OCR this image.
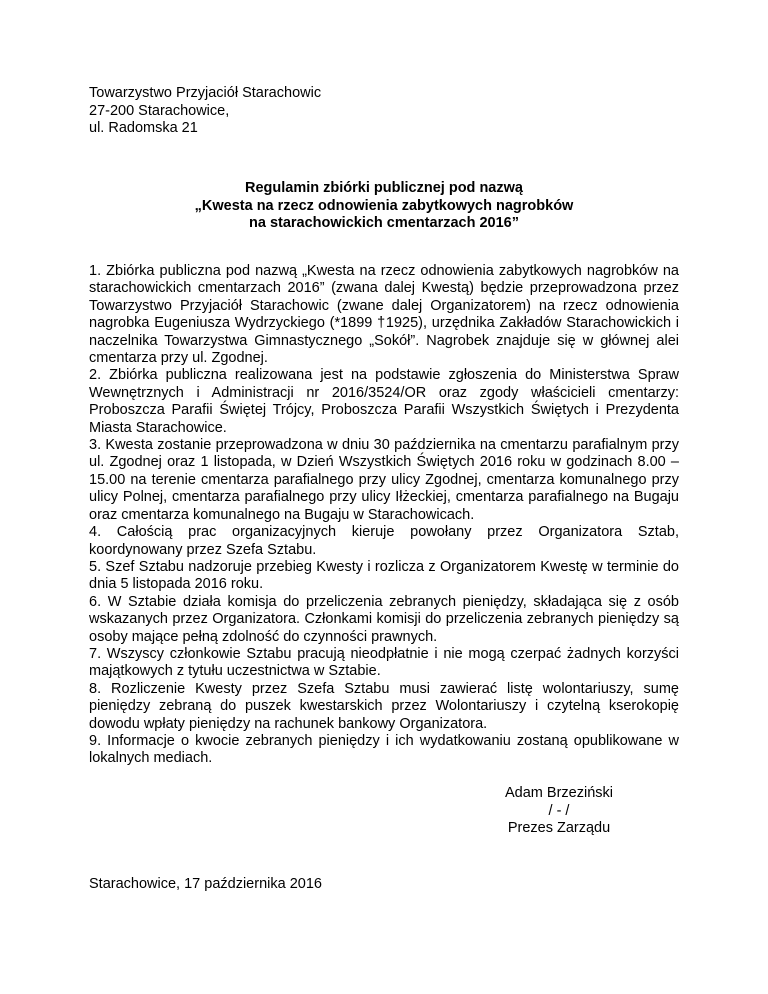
Towarzystwo Przyjaciół Starachowic
27-200 Starachowice,
ul. Radomska 21
Regulamin zbiórki publicznej pod nazwą
„Kwesta na rzecz odnowienia zabytkowych nagrobków
na starachowickich cmentarzach 2016”

1. Zbiórka publiczna pod nazwą „Kwesta na rzecz odnowienia zabytkowych nagrobków na starachowickich cmentarzach 2016” (zwana dalej Kwestą) będzie przeprowadzona przez Towarzystwo Przyjaciół Starachowic (zwane dalej Organizatorem) na rzecz odnowienia nagrobka Eugeniusza Wydrzyckiego (*1899 †1925), urzędnika Zakładów Starachowickich i naczelnika Towarzystwa Gimnastycznego „Sokół”. Nagrobek znajduje się w głównej alei cmentarza przy ul. Zgodnej.

2. Zbiórka publiczna realizowana jest na podstawie zgłoszenia do Ministerstwa Spraw Wewnętrznych i Administracji nr 2016/3524/OR oraz zgody właścicieli cmentarzy: Proboszcza Parafii Świętej Trójcy, Proboszcza Parafii Wszystkich Świętych i Prezydenta Miasta Starachowice.

3. Kwesta zostanie przeprowadzona w dniu 30 października na cmentarzu parafialnym przy ul. Zgodnej oraz 1 listopada, w Dzień Wszystkich Świętych 2016 roku w godzinach 8.00 – 15.00 na terenie cmentarza parafialnego przy ulicy Zgodnej, cmentarza komunalnego przy ulicy Polnej, cmentarza parafialnego przy ulicy Iłżeckiej, cmentarza parafialnego na Bugaju oraz cmentarza komunalnego na Bugaju w Starachowicach.

4. Całością prac organizacyjnych kieruje powołany przez Organizatora Sztab, koordynowany przez Szefa Sztabu.

5. Szef Sztabu nadzoruje przebieg Kwesty i rozlicza z Organizatorem Kwestę w terminie do dnia 5 listopada 2016 roku.

6. W Sztabie działa komisja do przeliczenia zebranych pieniędzy, składająca się z osób wskazanych przez Organizatora. Członkami komisji do przeliczenia zebranych pieniędzy są osoby mające pełną zdolność do czynności prawnych.

7. Wszyscy członkowie Sztabu pracują nieodpłatnie i nie mogą czerpać żadnych korzyści majątkowych z tytułu uczestnictwa w Sztabie.

8. Rozliczenie Kwesty przez Szefa Sztabu musi zawierać listę wolontariuszy, sumę pieniędzy zebraną do puszek kwestarskich przez Wolontariuszy i czytelną kserokopię dowodu wpłaty pieniędzy na rachunek bankowy Organizatora.

9. Informacje o kwocie zebranych pieniędzy i ich wydatkowaniu zostaną opublikowane w lokalnych mediach.

Adam Brzeziński
/ - /
Prezes Zarządu
Starachowice, 17 października 2016
